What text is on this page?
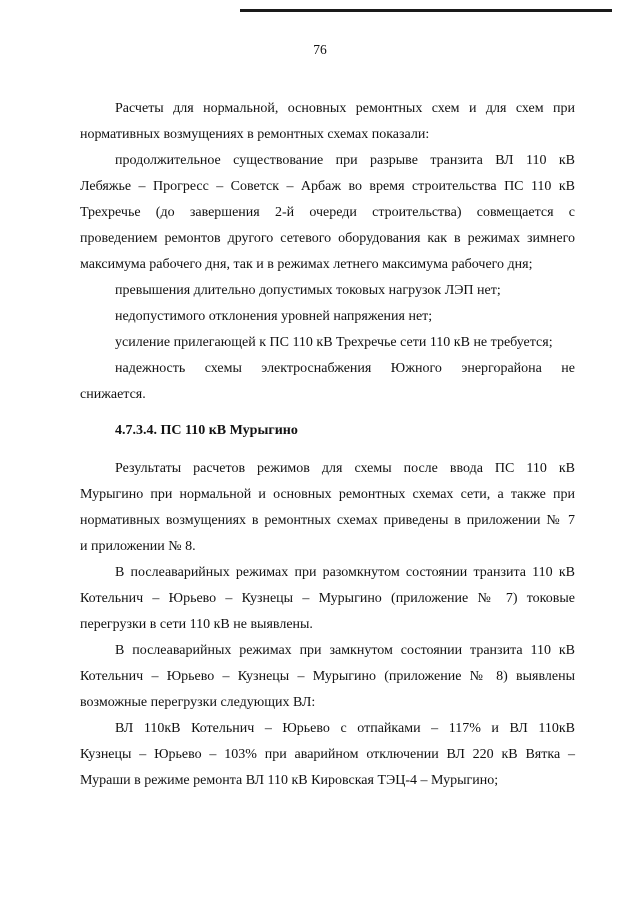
76
Расчеты для нормальной, основных ремонтных схем и для схем при
нормативных возмущениях в ремонтных схемах показали:
продолжительное существование при разрыве транзита ВЛ 110 кВ
Лебяжье – Прогресс – Советск – Арбаж во время строительства ПС 110 кВ
Трехречье (до завершения 2-й очереди строительства) совмещается с
проведением ремонтов другого сетевого оборудования как в режимах зимнего
максимума рабочего дня, так и в режимах летнего максимума рабочего дня;
превышения длительно допустимых токовых нагрузок ЛЭП нет;
недопустимого отклонения уровней напряжения нет;
усиление прилегающей к ПС 110 кВ Трехречье сети 110 кВ не требуется;
надежность схемы электроснабжения Южного энергорайона не
снижается.
4.7.3.4. ПС 110 кВ Мурыгино
Результаты расчетов режимов для схемы после ввода ПС 110 кВ
Мурыгино при нормальной и основных ремонтных схемах сети, а также при
нормативных возмущениях в ремонтных схемах приведены в приложении № 7
и приложении № 8.
В послеаварийных режимах при разомкнутом состоянии транзита 110 кВ
Котельнич – Юрьево – Кузнецы – Мурыгино (приложение № 7) токовые
перегрузки в сети 110 кВ не выявлены.
В послеаварийных режимах при замкнутом состоянии транзита 110 кВ
Котельнич – Юрьево – Кузнецы – Мурыгино (приложение № 8) выявлены
возможные перегрузки следующих ВЛ:
ВЛ 110кВ Котельнич – Юрьево с отпайками – 117% и ВЛ 110кВ
Кузнецы – Юрьево – 103% при аварийном отключении ВЛ 220 кВ Вятка –
Мураши в режиме ремонта ВЛ 110 кВ Кировская ТЭЦ-4 – Мурыгино;
